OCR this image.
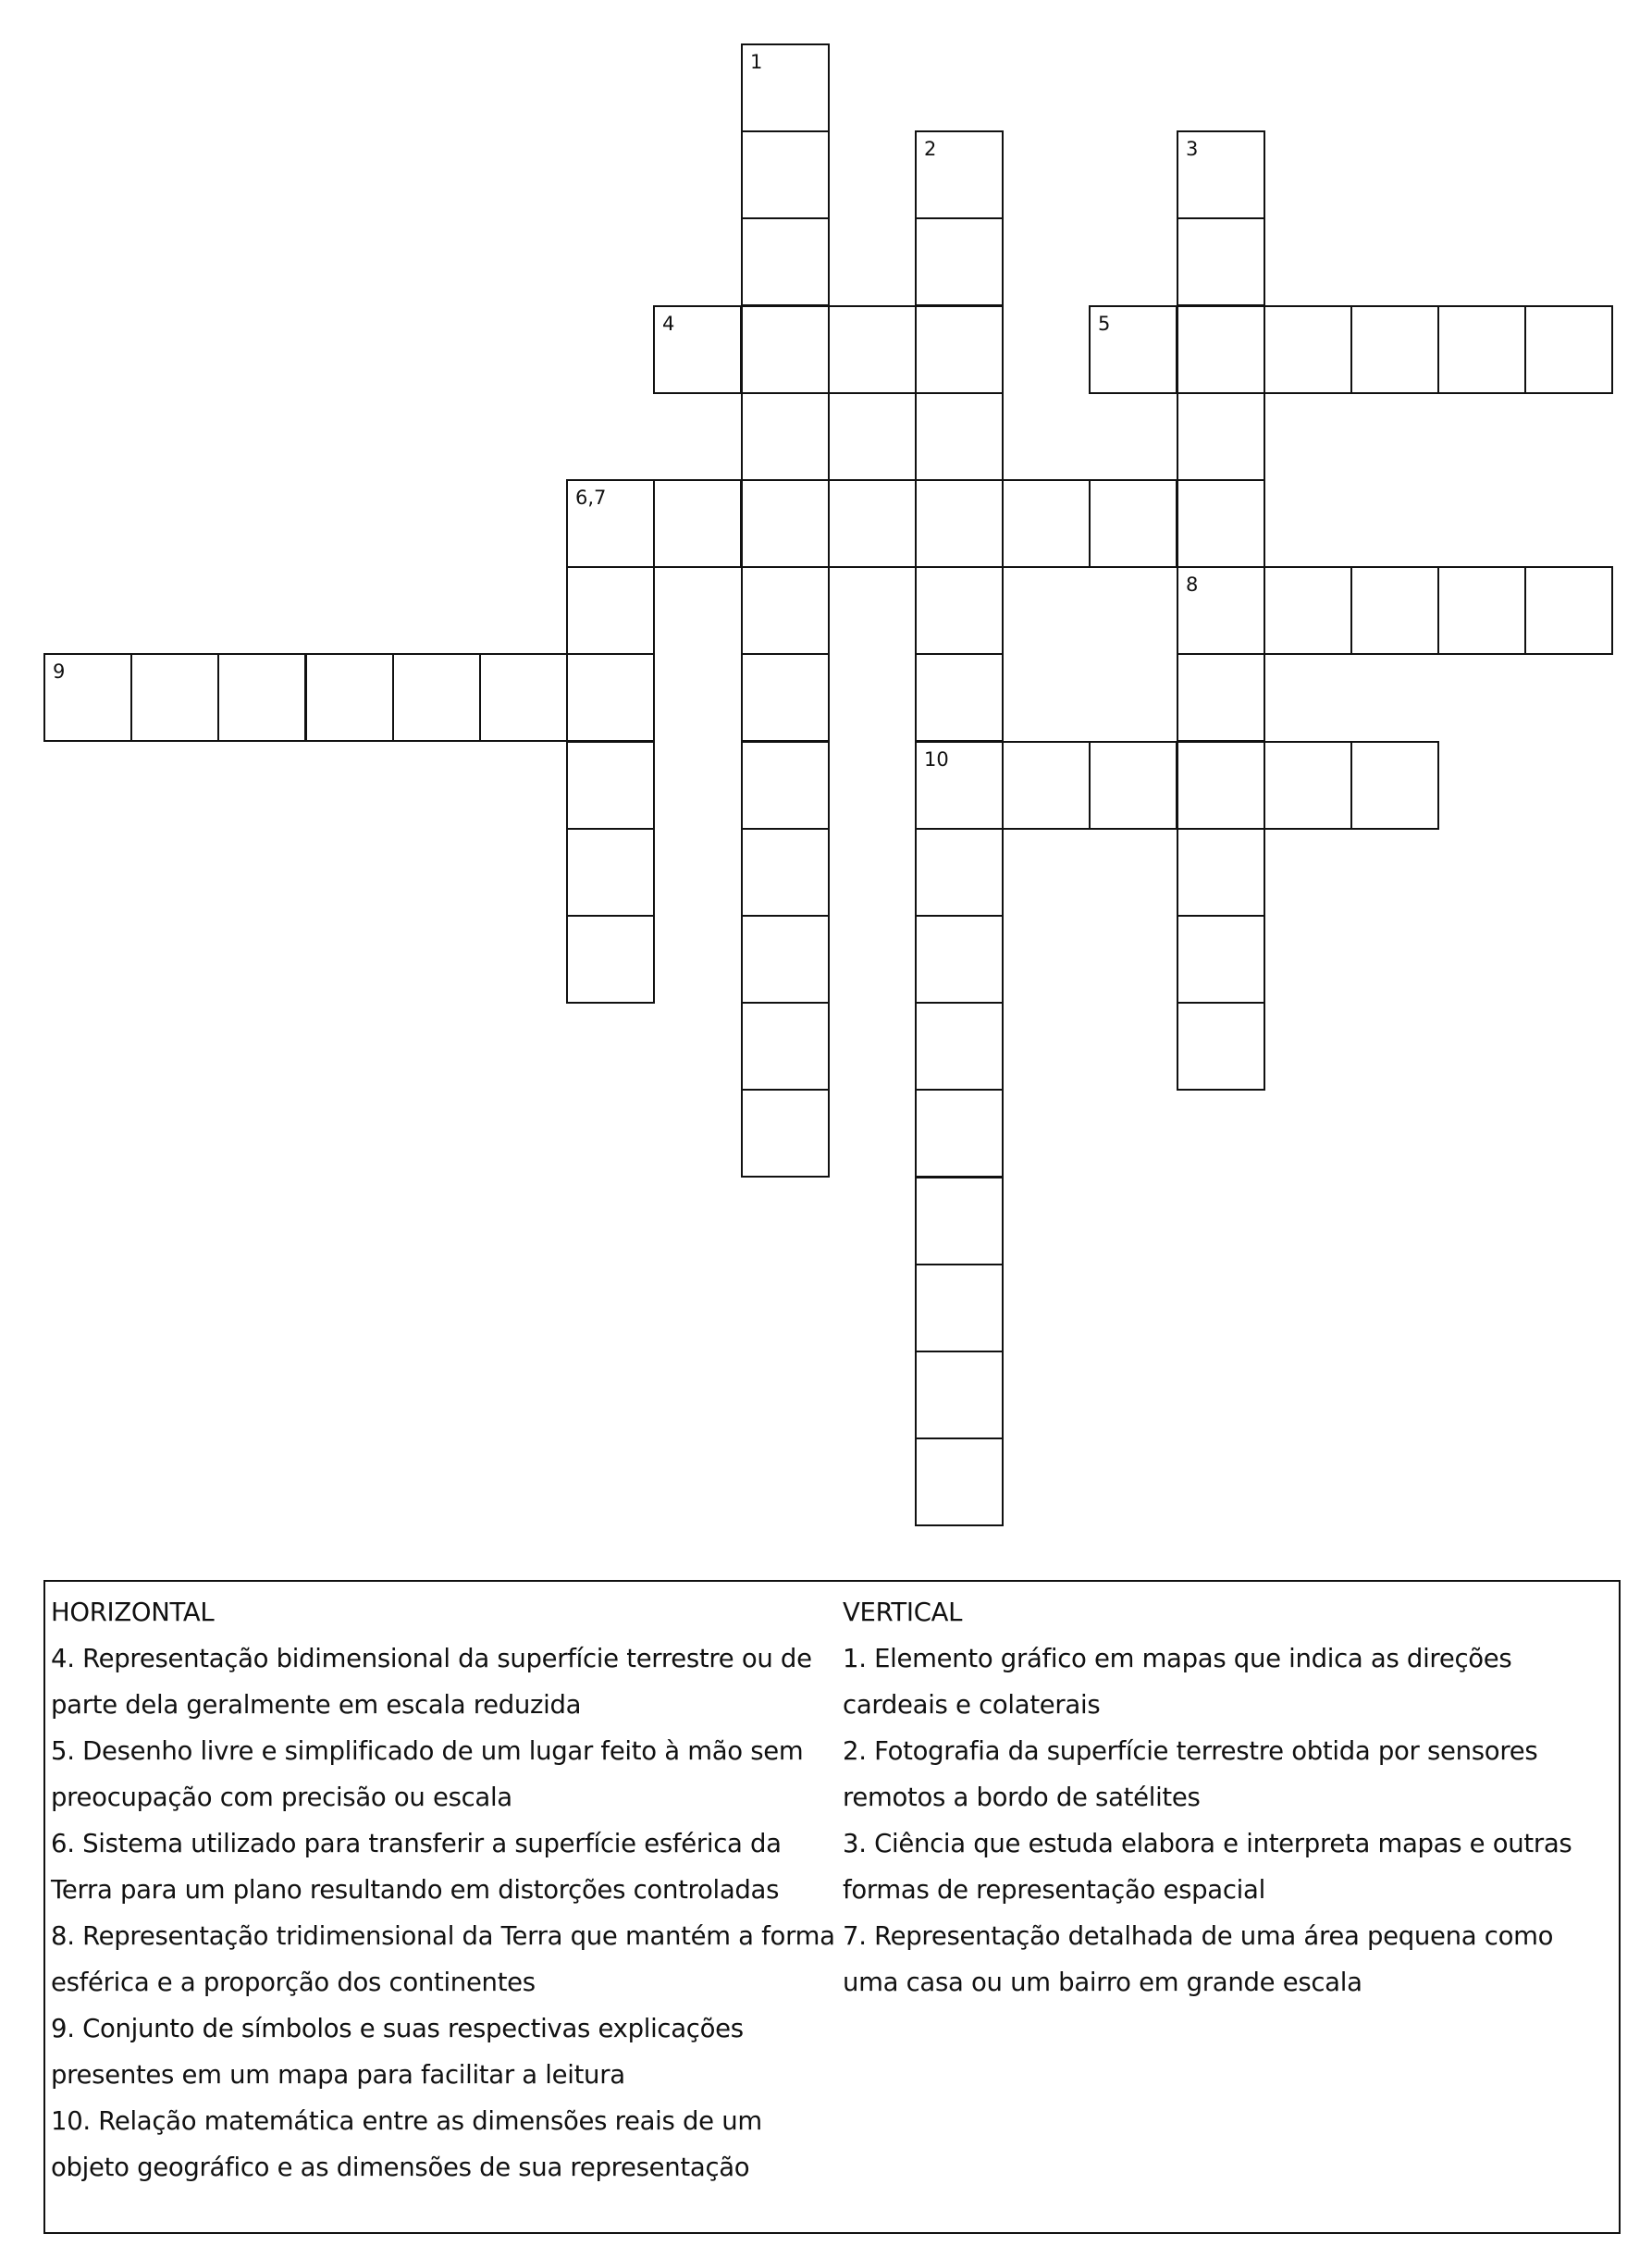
1
2
10
3
8
6,7
4	5
9
HORIZONTAL
4. Representação bidimensional da superfície terrestre ou de parte dela geralmente em escala reduzida
5. Desenho livre e simplificado de um lugar feito à mão sem preocupação com precisão ou escala
6. Sistema utilizado para transferir a superfície esférica da Terra para um plano resultando em distorções controladas
8. Representação tridimensional da Terra que mantém a forma esférica e a proporção dos continentes
9. Conjunto de símbolos e suas respectivas explicações presentes em um mapa para facilitar a leitura
10. Relação matemática entre as dimensões reais de um objeto geográfico e as dimensões de sua representação
VERTICAL
1. Elemento gráfico em mapas que indica as direções cardeais e colaterais
2. Fotografia da superfície terrestre obtida por sensores remotos a bordo de satélites
3. Ciência que estuda elabora e interpreta mapas e outras formas de representação espacial
7. Representação detalhada de uma área pequena como uma casa ou um bairro em grande escala
